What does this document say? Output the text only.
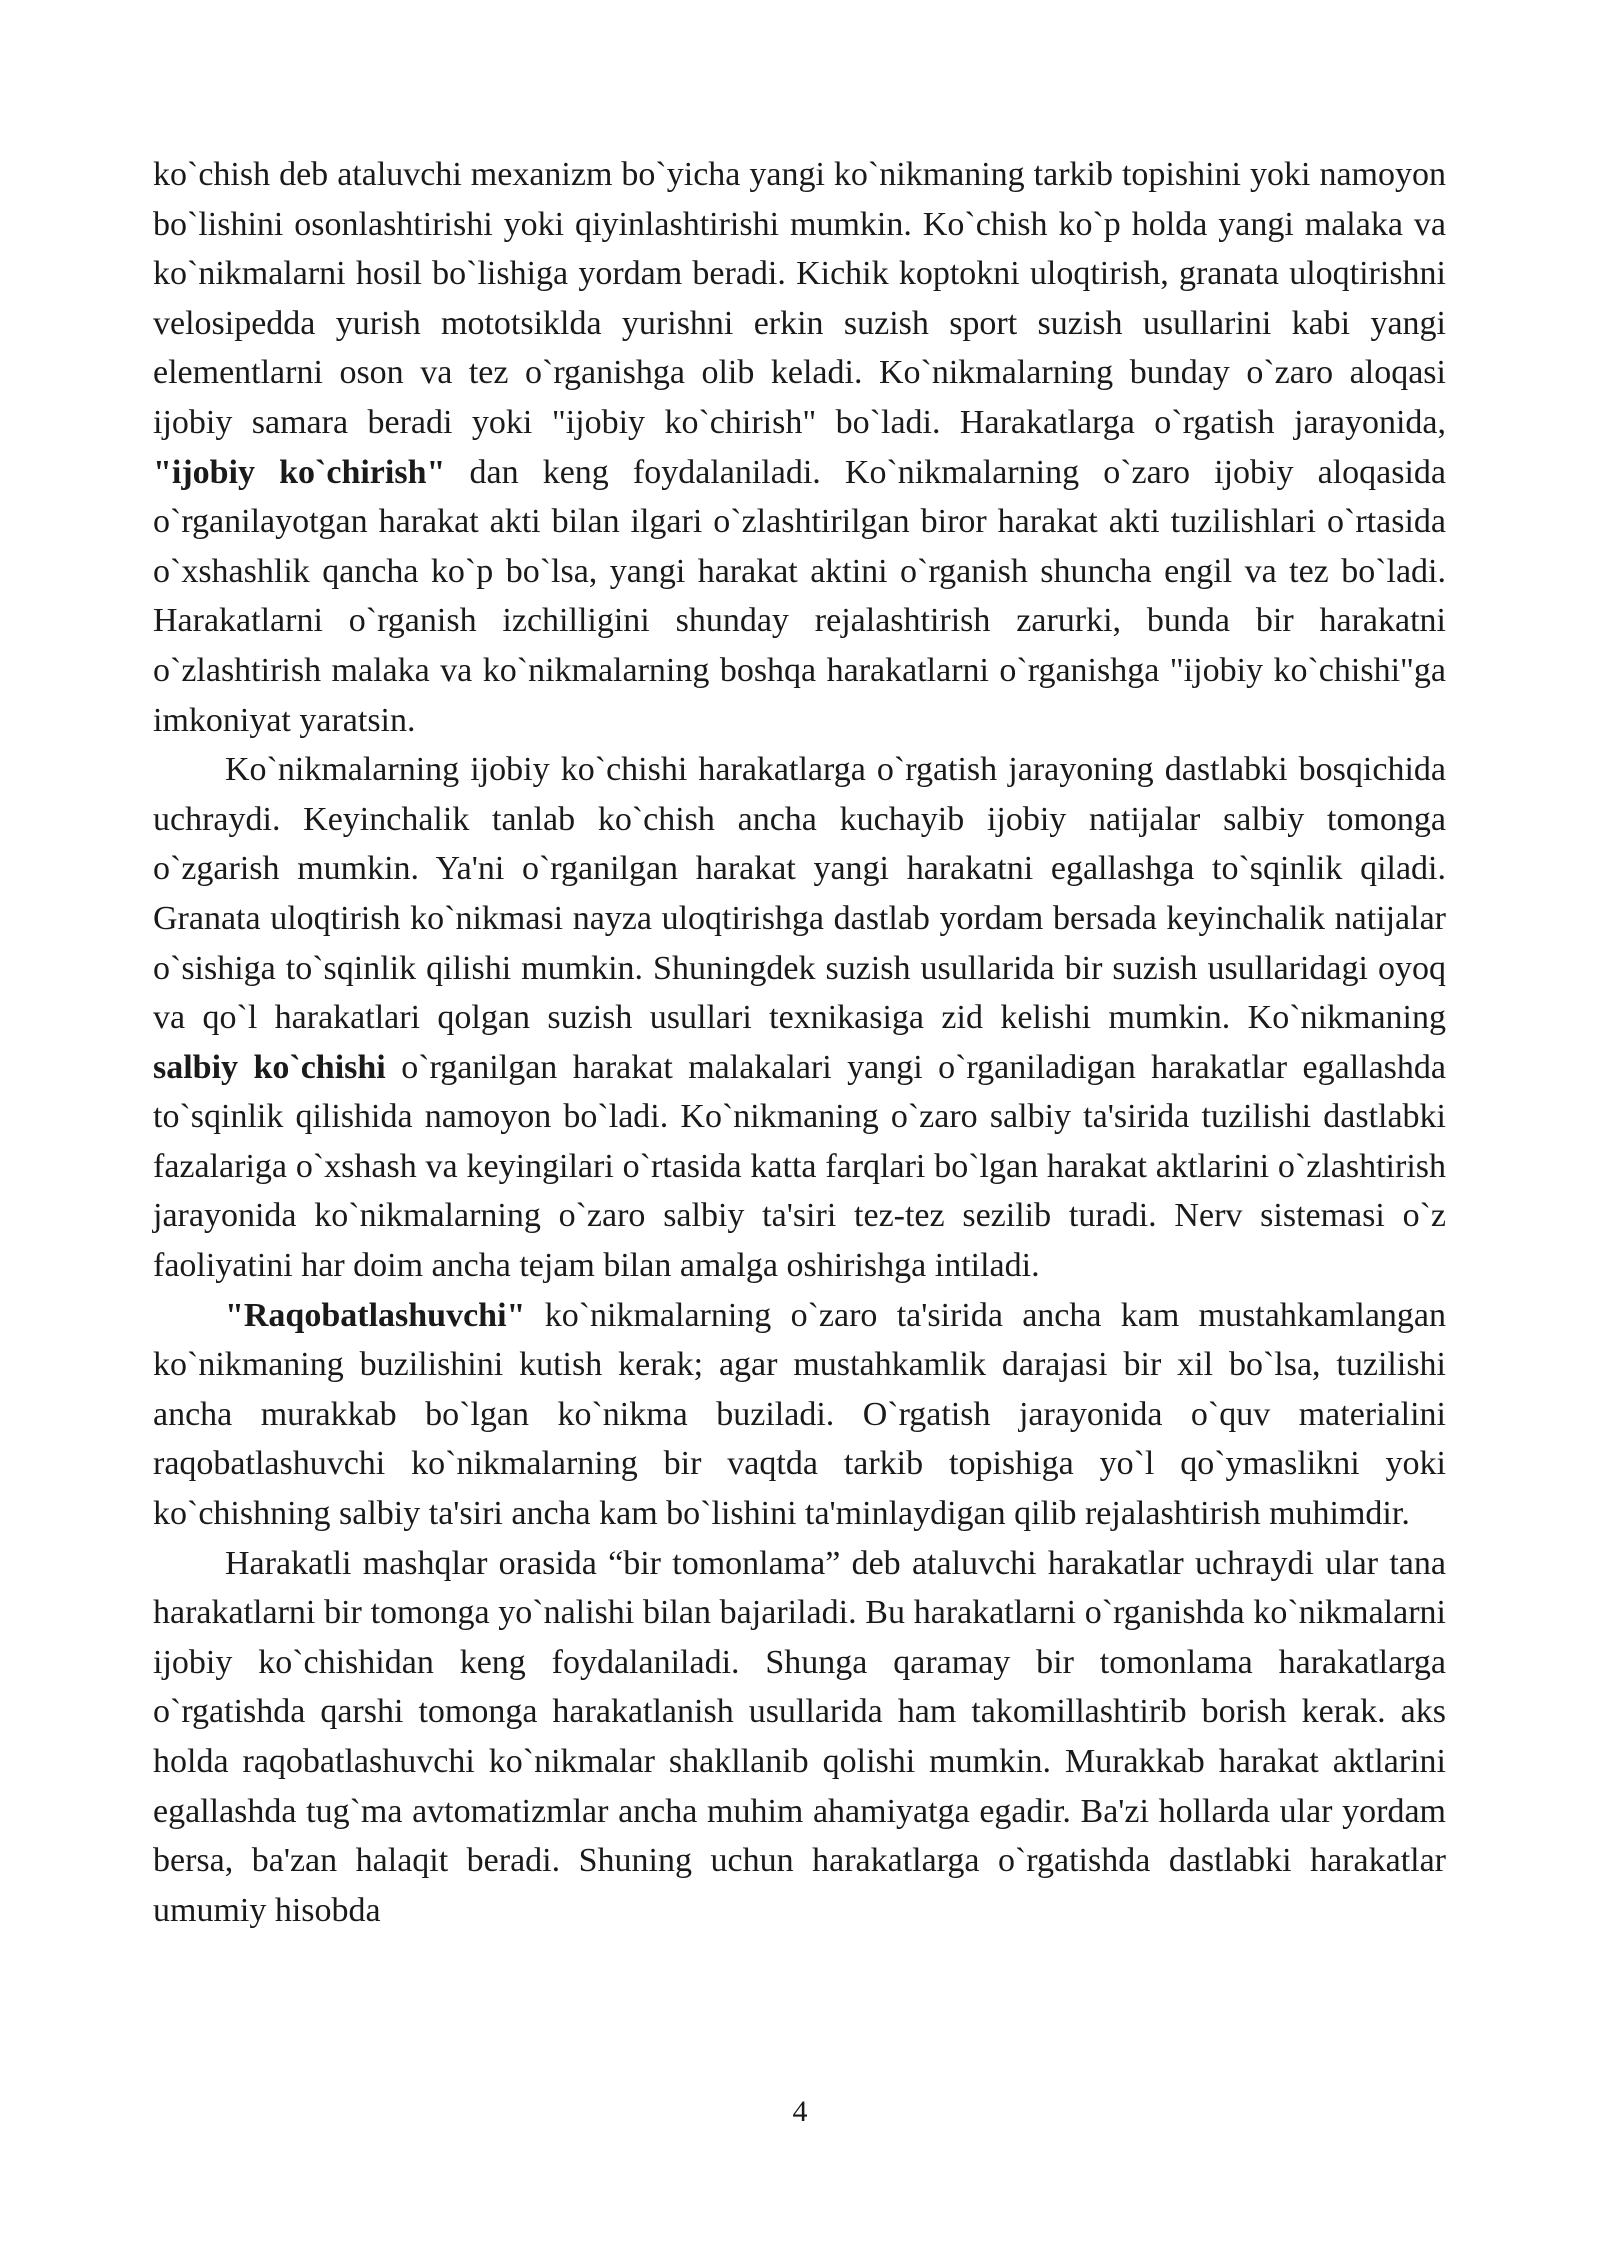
ko`chish deb ataluvchi mexanizm bo`yicha yangi ko`nikmaning tarkib topishini yoki namoyon bo`lishini osonlashtirishi yoki qiyinlashtirishi mumkin. Ko`chish ko`p holda yangi malaka va ko`nikmalarni hosil bo`lishiga yordam beradi. Kichik koptokni uloqtirish, granata uloqtirishni velosipedda yurish mototsiklda yurishni erkin suzish sport suzish usullarini kabi yangi elementlarni oson va tez o`rganishga olib keladi. Ko`nikmalarning bunday o`zaro aloqasi ijobiy samara beradi yoki "ijobiy ko`chirish" bo`ladi. Harakatlarga o`rgatish jarayonida, "ijobiy ko`chirish" dan keng foydalaniladi. Ko`nikmalarning o`zaro ijobiy aloqasida o`rganilayotgan harakat akti bilan ilgari o`zlashtirilgan biror harakat akti tuzilishlari o`rtasida o`xshashlik qancha ko`p bo`lsa, yangi harakat aktini o`rganish shuncha engil va tez bo`ladi. Harakatlarni o`rganish izchilligini shunday rejalashtirish zarurki, bunda bir harakatni o`zlashtirish malaka va ko`nikmalarning boshqa harakatlarni o`rganishga "ijobiy ko`chishi"ga imkoniyat yaratsin.

Ko`nikmalarning ijobiy ko`chishi harakatlarga o`rgatish jarayoning dastlabki bosqichida uchraydi. Keyinchalik tanlab ko`chish ancha kuchayib ijobiy natijalar salbiy tomonga o`zgarish mumkin. Ya'ni o`rganilgan harakat yangi harakatni egallashga to`sqinlik qiladi. Granata uloqtirish ko`nikmasi nayza uloqtirishga dastlab yordam bersada keyinchalik natijalar o`sishiga to`sqinlik qilishi mumkin. Shuningdek suzish usullarida bir suzish usullaridagi oyoq va qo`l harakatlari qolgan suzish usullari texnikasiga zid kelishi mumkin. Ko`nikmaning salbiy ko`chishi o`rganilgan harakat malakalari yangi o`rganiladigan harakatlar egallashda to`sqinlik qilishida namoyon bo`ladi. Ko`nikmaning o`zaro salbiy ta'sirida tuzilishi dastlabki fazalariga o`xshash va keyingilari o`rtasida katta farqlari bo`lgan harakat aktlarini o`zlashtirish jarayonida ko`nikmalarning o`zaro salbiy ta'siri tez-tez sezilib turadi. Nerv sistemasi o`z faoliyatini har doim ancha tejam bilan amalga oshirishga intiladi.

"Raqobatlashuvchi" ko`nikmalarning o`zaro ta'sirida ancha kam mustahkamlangan ko`nikmaning buzilishini kutish kerak; agar mustahkamlik darajasi bir xil bo`lsa, tuzilishi ancha murakkab bo`lgan ko`nikma buziladi. O`rgatish jarayonida o`quv materialini raqobatlashuvchi ko`nikmalarning bir vaqtda tarkib topishiga yo`l qo`ymaslikni yoki ko`chishning salbiy ta'siri ancha kam bo`lishini ta'minlaydigan qilib rejalashtirish muhimdir.

Harakatli mashqlar orasida “bir tomonlama” deb ataluvchi harakatlar uchraydi ular tana harakatlarni bir tomonga yo`nalishi bilan bajariladi. Bu harakatlarni o`rganishda ko`nikmalarni ijobiy ko`chishidan keng foydalaniladi. Shunga qaramay bir tomonlama harakatlarga o`rgatishda qarshi tomonga harakatlanish usullarida ham takomillashtirib borish kerak. aks holda raqobatlashuvchi ko`nikmalar shakllanib qolishi mumkin. Murakkab harakat aktlarini egallashda tug`ma avtomatizmlar ancha muhim ahamiyatga egadir. Ba'zi hollarda ular yordam bersa, ba'zan halaqit beradi. Shuning uchun harakatlarga o`rgatishda dastlabki harakatlar umumiy hisobda

4
